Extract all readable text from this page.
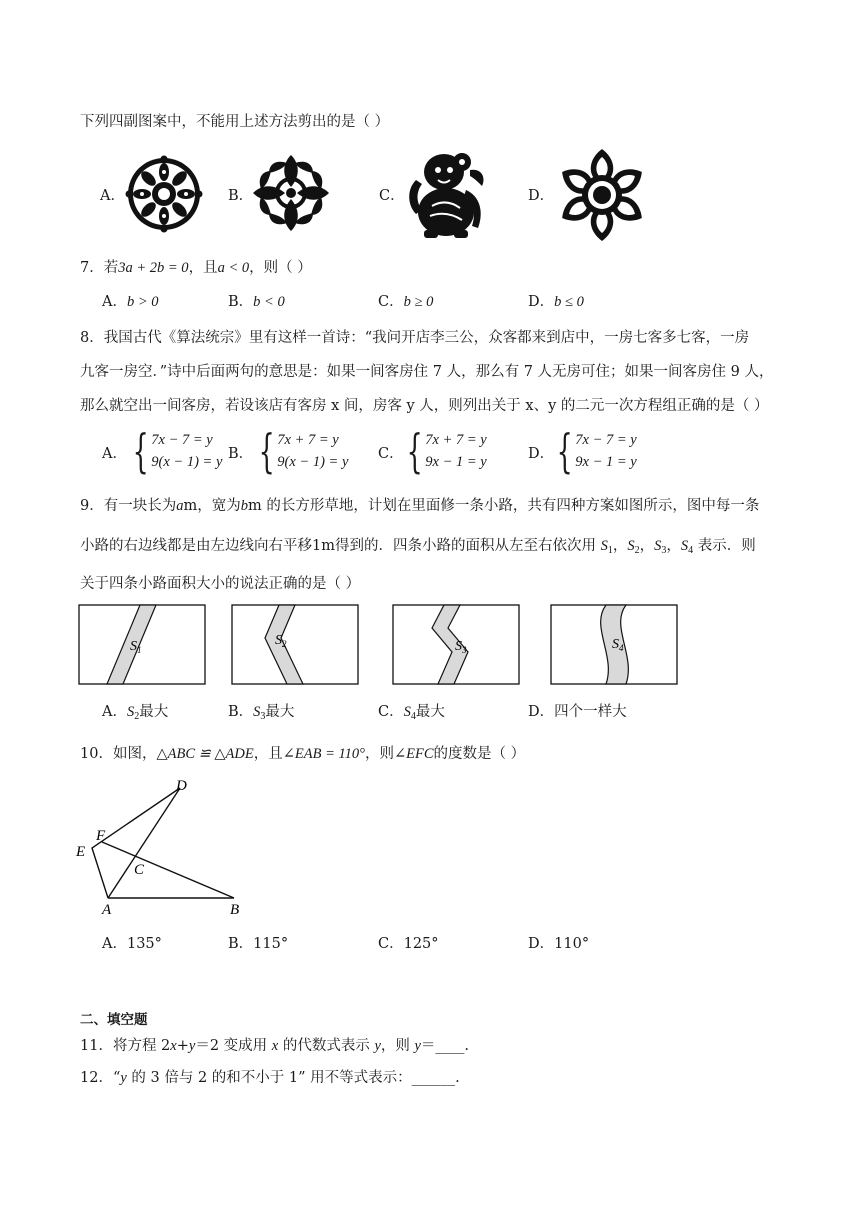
下列四副图案中，不能用上述方法剪出的是（ ）
A．	B．	C．	D．
7．若3a + 2b = 0，且a < 0，则（ ）
A．b > 0	B．b < 0	C．b ≥ 0	D．b ≤ 0
8．我国古代《算法统宗》里有这样一首诗：“我问开店李三公，众客都来到店中，一房七客多七客，一房
九客一房空．”诗中后面两句的意思是：如果一间客房住 7 人，那么有 7 人无房可住；如果一间客房住 9 人，
那么就空出一间客房，若设该店有客房 x 间，房客 y 人，则列出关于 x、y 的二元一次方程组正确的是（ ）
A． { 7x − 7 = y
9(x − 1) = y B． { 7x + 7 = y
9(x − 1) = y C． { 7x + 7 = y
9x − 1 = y	D． { 7x − 7 = y
9x − 1 = y
9．有一块长为am，宽为bm 的长方形草地，计划在里面修一条小路，共有四种方案如图所示，图中每一条
小路的右边线都是由左边线向右平移1m得到的．四条小路的面积从左至右依次用 $S_1$，$S_2$，$S_3$，$S_4$ 表示．则
关于四条小路面积大小的说法正确的是（ ）
$S_1$
$S_2$	$S_3$	$S_4$
A．$S_2$最大	B．$S_3$最大	C．$S_4$最大	D．四个一样大
10．如图，△ABC ≌ △ADE，且∠EAB = 110°，则∠EFC的度数是（ ）
D
F
E
C
A	B
A．135°	B．115°	C．125°	D．110°
二、填空题
11．将方程 2x+y＝2 变成用 x 的代数式表示 y，则 y＝____.
12．“y 的 3 倍与 2 的和不小于 1” 用不等式表示：______.
